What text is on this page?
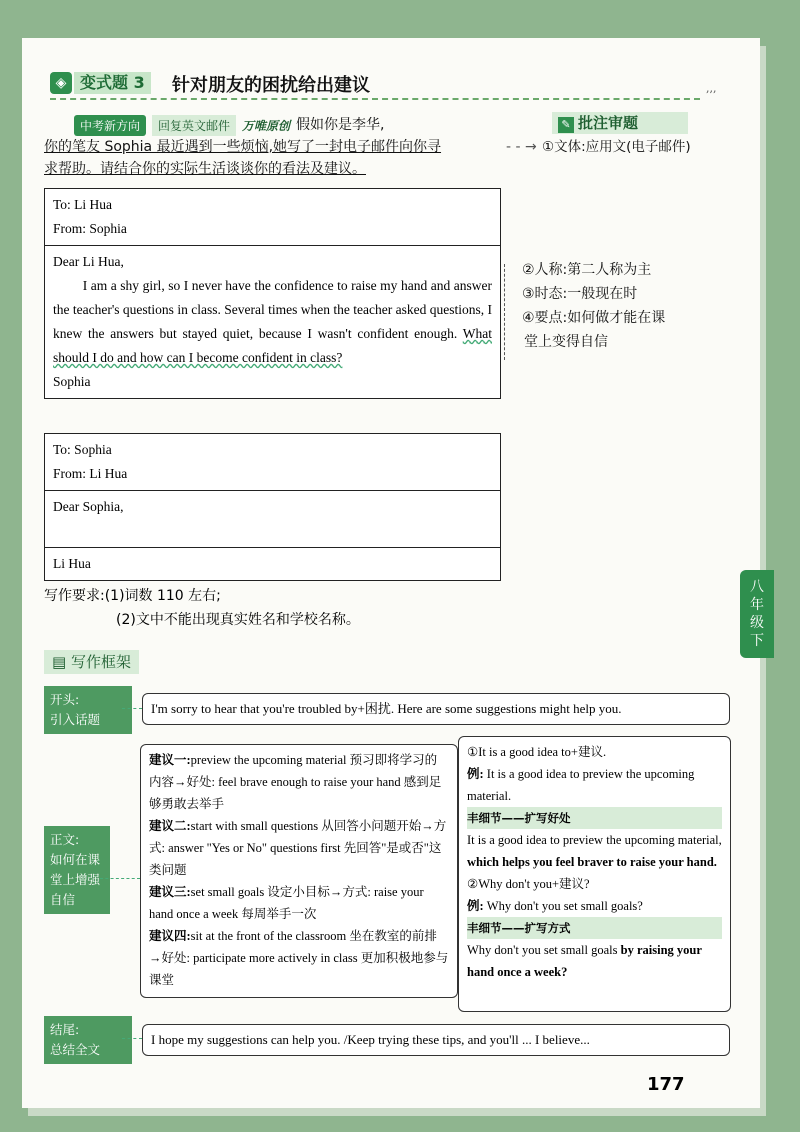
◈ 变式题 3	针对朋友的困扰给出建议	,,,
中考新方向	回复英文邮件	万唯原创 假如你是李华,	✎ 批注审题
你的笔友 Sophia 最近遇到一些烦恼,她写了一封电子邮件向你寻	- - → ①文体:应用文(电子邮件)
求帮助。请结合你的实际生活谈谈你的看法及建议。
To: Li Hua
From: Sophia
Dear Li Hua,
I am a shy girl, so I never have the confidence to raise my hand and answer the teacher's questions in class. Several times when the teacher asked questions, I knew the answers but stayed quiet, because I wasn't confident enough. What should I do and how can I become confident in class?
Sophia
②人称:第二人称为主
③时态:一般现在时
④要点:如何做才能在课
堂上变得自信
To: Sophia
From: Li Hua
Dear Sophia,
Li Hua
写作要求:(1)词数 110 左右;
(2)文中不能出现真实姓名和学校名称。
▤ 写作框架
开头:
引入话题
I'm sorry to hear that you're troubled by+困扰. Here are some suggestions might help you.
正文:
如何在课
堂上增强
自信
建议一:preview the upcoming material 预习即将学习的内容→好处: feel brave enough to raise your hand 感到足够勇敢去举手
建议二:start with small questions 从回答小问题开始→方式: answer "Yes or No" questions first 先回答"是或否"这类问题
建议三:set small goals 设定小目标→方式: raise your hand once a week 每周举手一次
建议四:sit at the front of the classroom 坐在教室的前排→好处: participate more actively in class 更加积极地参与课堂
①It is a good idea to+建议.
例: It is a good idea to preview the upcoming material.
丰细节——扩写好处
It is a good idea to preview the upcoming material, which helps you feel braver to raise your hand.
②Why don't you+建议?
例: Why don't you set small goals?
丰细节——扩写方式
Why don't you set small goals by raising your hand once a week?
结尾:
总结全文
I hope my suggestions can help you. /Keep trying these tips, and you'll ... I believe...
177
八
年
级
下
